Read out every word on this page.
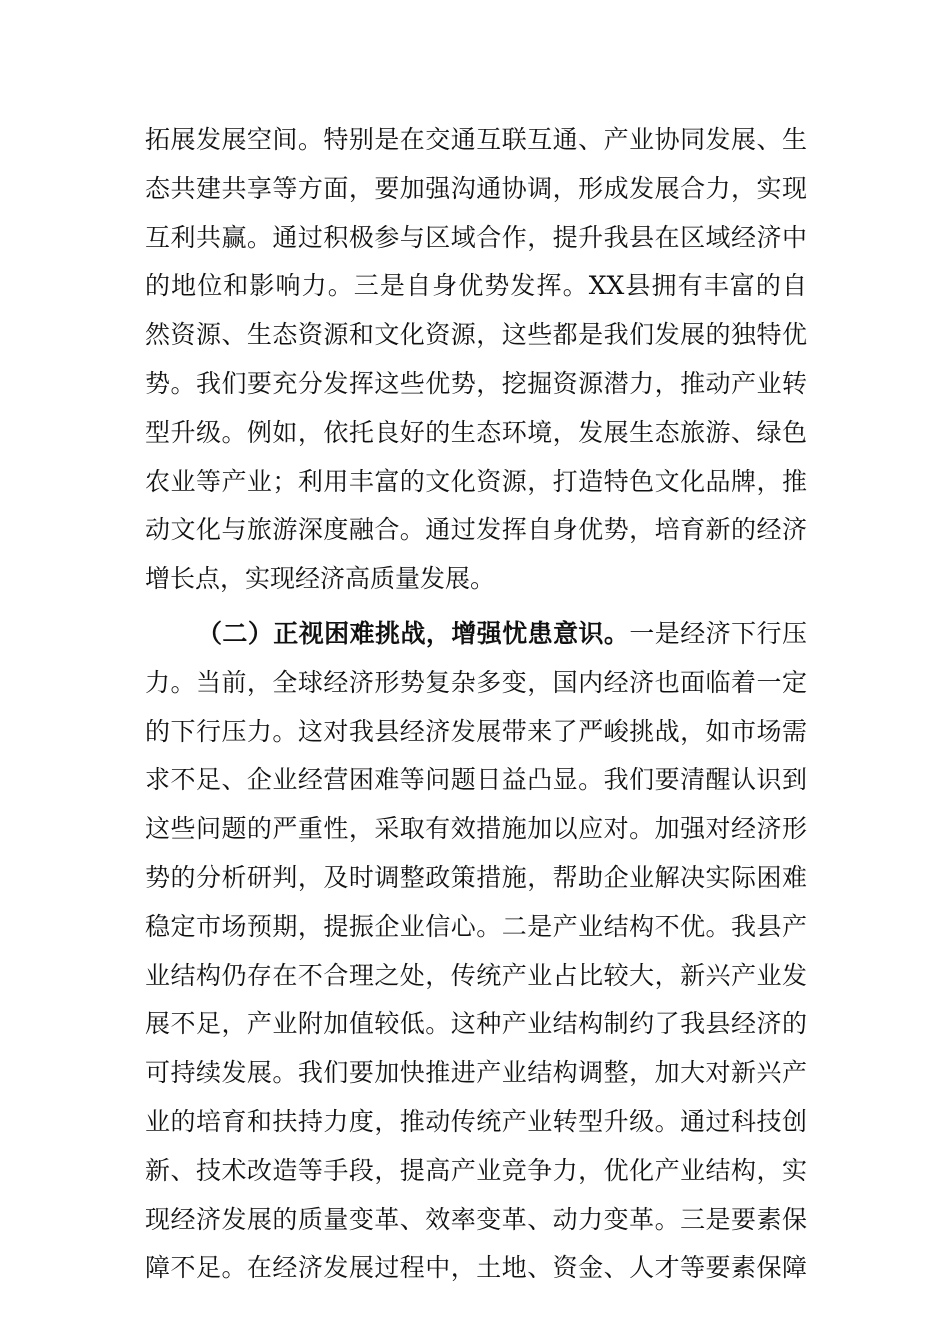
拓展发展空间。特别是在交通互联互通、产业协同发展、生
态共建共享等方面，要加强沟通协调，形成发展合力，实现
互利共赢。通过积极参与区域合作，提升我县在区域经济中
的地位和影响力。三是自身优势发挥。XX县拥有丰富的自
然资源、生态资源和文化资源，这些都是我们发展的独特优
势。我们要充分发挥这些优势，挖掘资源潜力，推动产业转
型升级。例如，依托良好的生态环境，发展生态旅游、绿色
农业等产业；利用丰富的文化资源，打造特色文化品牌，推
动文化与旅游深度融合。通过发挥自身优势，培育新的经济
增长点，实现经济高质量发展。
（二）正视困难挑战，增强忧患意识。一是经济下行压
力。当前，全球经济形势复杂多变，国内经济也面临着一定
的下行压力。这对我县经济发展带来了严峻挑战，如市场需
求不足、企业经营困难等问题日益凸显。我们要清醒认识到
这些问题的严重性，采取有效措施加以应对。加强对经济形
势的分析研判，及时调整政策措施，帮助企业解决实际困难
稳定市场预期，提振企业信心。二是产业结构不优。我县产
业结构仍存在不合理之处，传统产业占比较大，新兴产业发
展不足，产业附加值较低。这种产业结构制约了我县经济的
可持续发展。我们要加快推进产业结构调整，加大对新兴产
业的培育和扶持力度，推动传统产业转型升级。通过科技创
新、技术改造等手段，提高产业竞争力，优化产业结构，实
现经济发展的质量变革、效率变革、动力变革。三是要素保
障不足。在经济发展过程中，土地、资金、人才等要素保障
